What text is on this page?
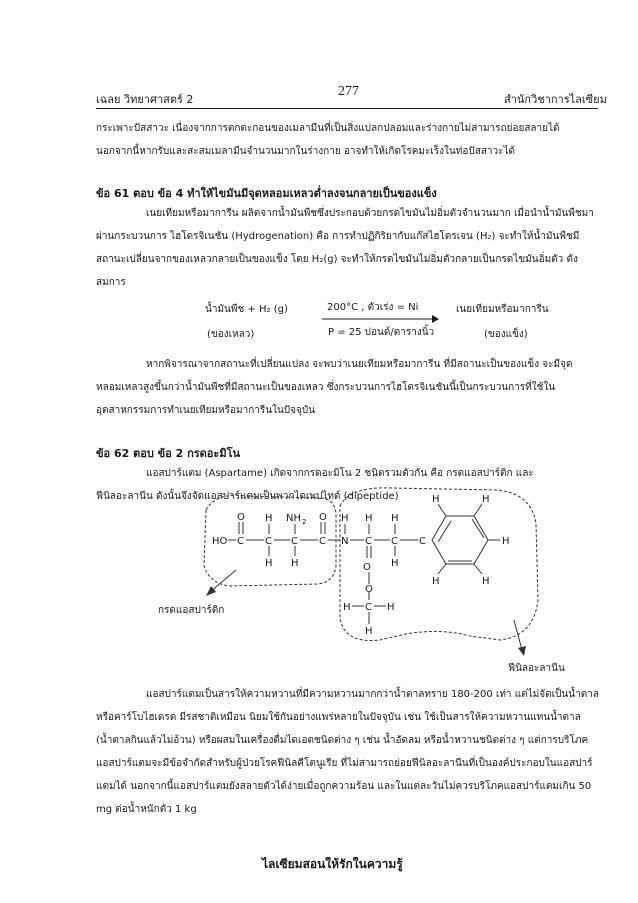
เฉลย วิทยาศาสตร์ 2
277
สำนักวิชาการไลเซียม
กระเพาะปัสสาวะ เนื่องจากการตกตะกอนของเมลามีนที่เป็นสิ่งแปลกปลอมและร่างกายไม่สามารถย่อยสลายได้
นอกจากนี้หากรับและสะสมเมลามีนจำนวนมากในร่างกาย อาจทำให้เกิดโรคมะเร็งในท่อปัสสาวะได้
ข้อ 61 ตอบ ข้อ 4 ทำให้ไขมันมีจุดหลอมเหลวต่ำลงจนกลายเป็นของแข็ง
เนยเทียมหรือมาการีน ผลิตจากน้ำมันพืชซึ่งประกอบด้วยกรดไขมันไม่อิ่มตัวจำนวนมาก เมื่อนำน้ำมันพืชมา
ผ่านกระบวนการ ไฮโดรจิเนชัน (Hydrogenation) คือ การทำปฏิกิริยากับแก๊สไฮโดรเจน (H₂) จะทำให้น้ำมันพืชมี
สถานะเปลี่ยนจากของเหลวกลายเป็นของแข็ง โดย H₂(g) จะทำให้กรดไขมันไม่อิ่มตัวกลายเป็นกรดไขมันอิ่มตัว ดัง
สมการ
น้ำมันพืช + H₂ (g)
(ของเหลว)
200°C , ตัวเร่ง = Ni
P = 25 ปอนด์/ตารางนิ้ว
เนยเทียมหรือมาการีน
(ของแข็ง)
หากพิจารณาจากสถานะที่เปลี่ยนแปลง จะพบว่าเนยเทียมหรือมาการีน ที่มีสถานะเป็นของแข็ง จะมีจุด
หลอมเหลวสูงขึ้นกว่าน้ำมันพืชที่มีสถานะเป็นของเหลว ซึ่งกระบวนการไฮโดรจิเนชันนี้เป็นกระบวนการที่ใช้ใน
อุตสาหกรรมการทำเนยเทียมหรือมาการีนในปัจจุบัน
ข้อ 62 ตอบ ข้อ 2 กรดอะมิโน
แอสปาร์แตม (Aspartame) เกิดจากกรดอะมิโน 2 ชนิดรวมตัวกัน คือ กรดแอสปาร์ติก และ
ฟีนิลอะลานีน ดังนั้นจึงจัดแอสปาร์แตมเป็นพวกไดเพปไทด์ (dipeptide)
HO C
O
C
H
H
C
NH 2
H
C
O
N
H
C
H
O
C
H
H
C
O
H C H
H
H	H
H
H	H
กรดแอสปาร์ติก
ฟีนิลอะลานีน
แอสปาร์แตมเป็นสารให้ความหวานที่มีความหวานมากกว่าน้ำตาลทราย 180-200 เท่า แต่ไม่จัดเป็นน้ำตาล
หรือคาร์โบไฮเดรต มีรสชาติเหมือน นิยมใช้กันอย่างแพร่หลายในปัจจุบัน เช่น ใช้เป็นสารให้ความหวานแทนน้ำตาล
(น้ำตาลกินแล้วไม่อ้วน) หรือผสมในเครื่องดื่มไดเอตชนิดต่าง ๆ เช่น น้ำอัดลม หรือน้ำหวานชนิดต่าง ๆ แต่การบริโภค
แอสปาร์แตมจะมีข้อจำกัดสำหรับผู้ป่วยโรคฟีนิลคีโตนูเรีย ที่ไม่สามารถย่อยฟีนิลอะลานีนที่เป็นองค์ประกอบในแอสปาร์
แตมได้ นอกจากนี้แอสปาร์แตมยังสลายตัวได้ง่ายเมื่อถูกความร้อน และในแต่ละวันไม่ควรบริโภคแอสปาร์แตมเกิน 50
mg ต่อน้ำหนักตัว 1 kg
ไลเซียมสอนให้รักในความรู้
